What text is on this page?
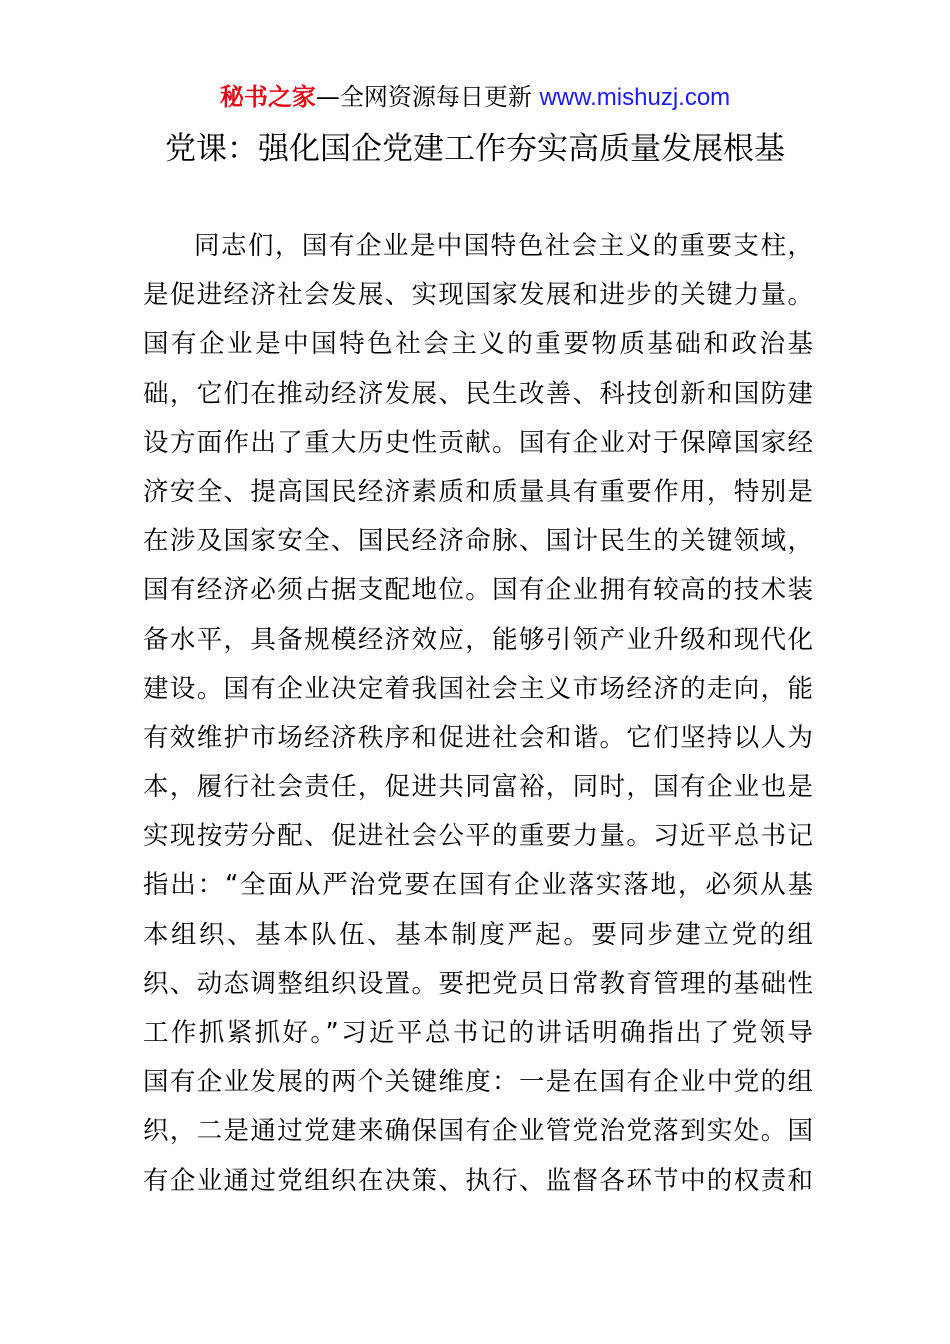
秘书之家—全网资源每日更新 www.mishuzj.com
党课：强化国企党建工作夯实高质量发展根基
同志们，国有企业是中国特色社会主义的重要支柱，
是促进经济社会发展、实现国家发展和进步的关键力量。
国有企业是中国特色社会主义的重要物质基础和政治基
础，它们在推动经济发展、民生改善、科技创新和国防建
设方面作出了重大历史性贡献。国有企业对于保障国家经
济安全、提高国民经济素质和质量具有重要作用，特别是
在涉及国家安全、国民经济命脉、国计民生的关键领域，
国有经济必须占据支配地位。国有企业拥有较高的技术装
备水平，具备规模经济效应，能够引领产业升级和现代化
建设。国有企业决定着我国社会主义市场经济的走向，能
有效维护市场经济秩序和促进社会和谐。它们坚持以人为
本，履行社会责任，促进共同富裕，同时，国有企业也是
实现按劳分配、促进社会公平的重要力量。习近平总书记
指出：“全面从严治党要在国有企业落实落地，必须从基
本组织、基本队伍、基本制度严起。要同步建立党的组
织、动态调整组织设置。要把党员日常教育管理的基础性
工作抓紧抓好。”习近平总书记的讲话明确指出了党领导
国有企业发展的两个关键维度：一是在国有企业中党的组
织，二是通过党建来确保国有企业管党治党落到实处。国
有企业通过党组织在决策、执行、监督各环节中的权责和
